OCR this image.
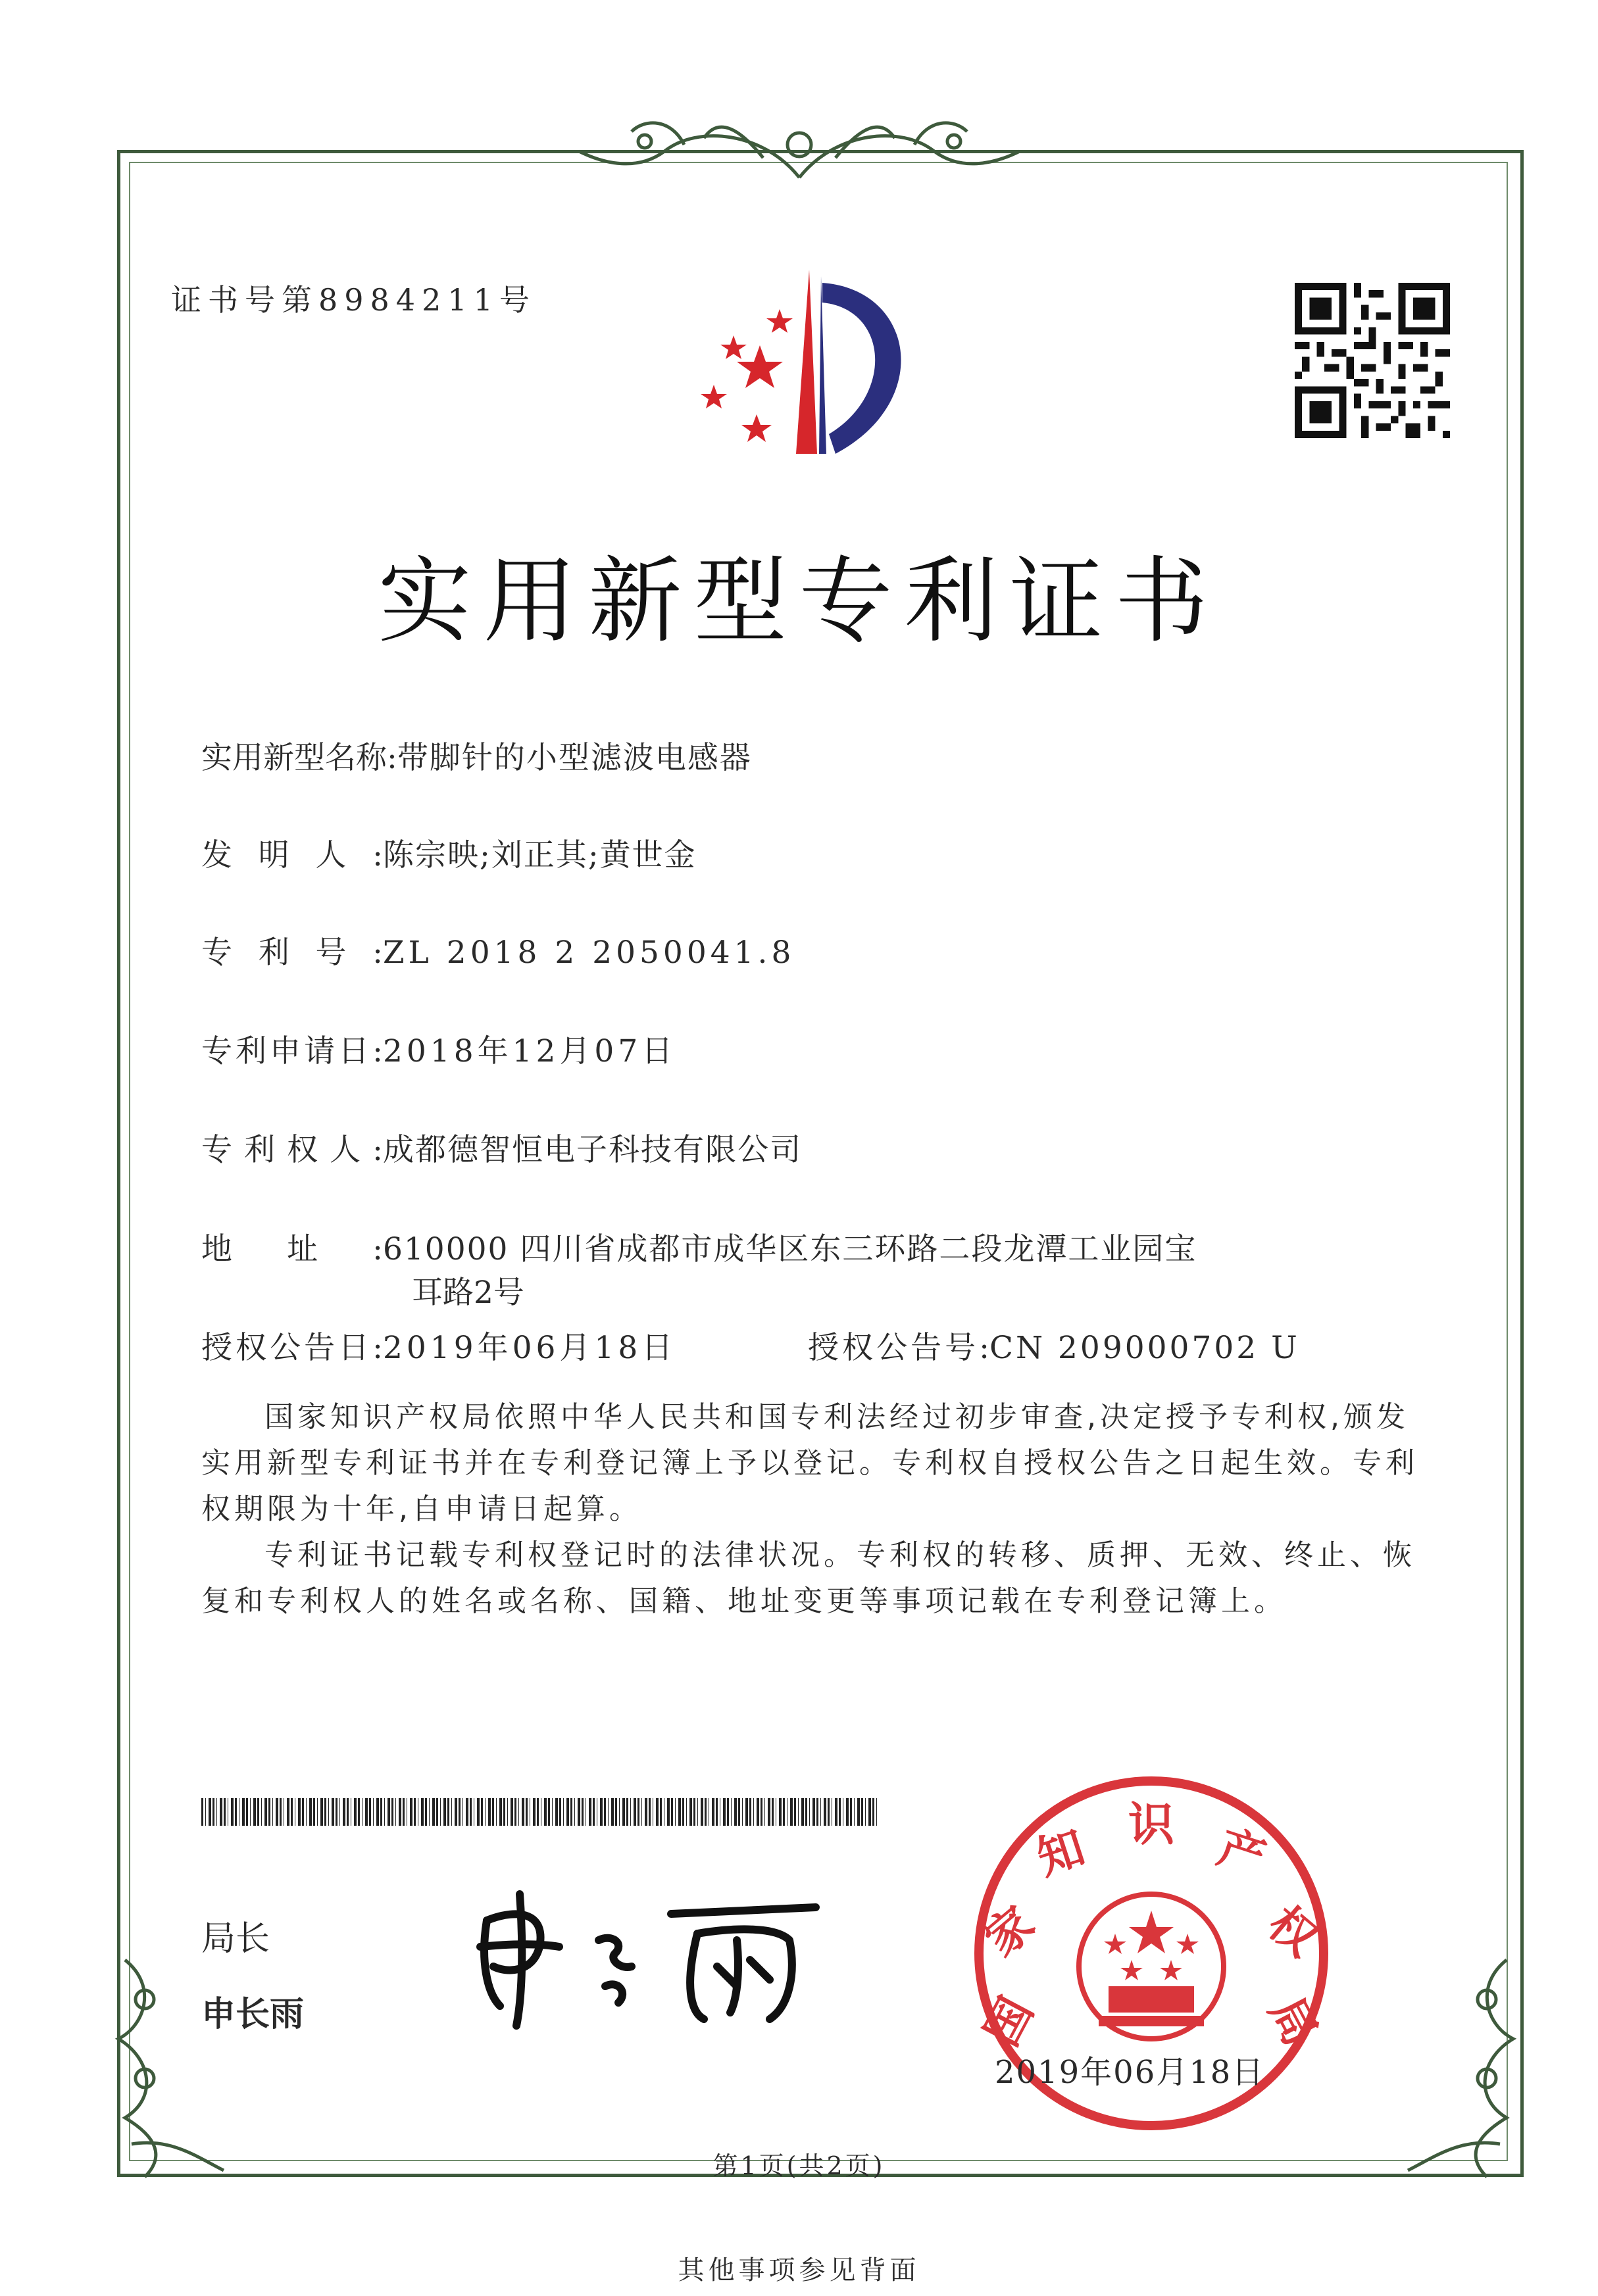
证书号第8984211号
实用新型专利证书
实用新型名称:带脚针的小型滤波电感器
发明人:陈宗映;刘正其;黄世金
专利号:ZL 2018 2 2050041.8
专利申请日:2018年12月07日
专利权人:成都德智恒电子科技有限公司
地址:610000 四川省成都市成华区东三环路二段龙潭工业园宝
耳路2号
授权公告日:2019年06月18日	授权公告号:CN 209000702 U
国家知识产权局依照中华人民共和国专利法经过初步审查,决定授予专利权,颁发实用新型专利证书并在专利登记簿上予以登记。专利权自授权公告之日起生效。专利权期限为十年,自申请日起算。
专利证书记载专利权登记时的法律状况。专利权的转移、质押、无效、终止、恢复和专利权人的姓名或名称、国籍、地址变更等事项记载在专利登记簿上。
局长
申长雨	国
家
知 识 产
权
局
2019年06月18日
第1页(共2页)
其他事项参见背面
